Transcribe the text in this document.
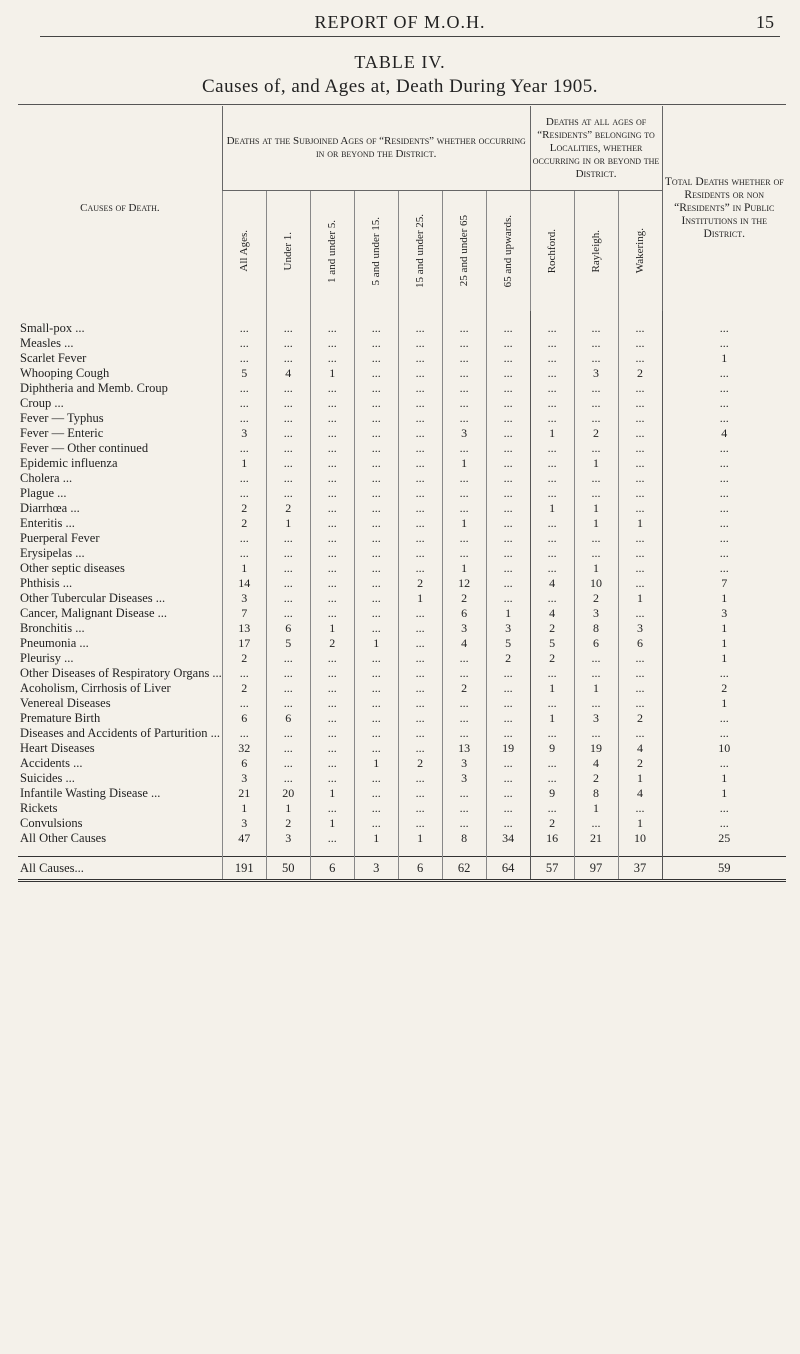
REPORT OF M.O.H.	15
TABLE IV.
Causes of, and Ages at, Death During Year 1905.
Causes of Death.	Deaths at the Subjoined Ages of “Residents” whether occurring in or beyond the District.							Deaths at all ages of “Residents” belonging to Localities, whether occurring in or beyond the District.			Total Deaths whether of Residents or non “Residents” in Public Institutions in the District.

	All Ages.	Under 1.	1 and under 5.	5 and under 15.	15 and under 25.	25 and under 65	65 and upwards.	Rochford.	Rayleigh.	Wakering.	

Small-pox ...	...	...	...	...	...	...	...	...	...	...	...
Measles ...	...	...	...	...	...	...	...	...	...	...	...
Scarlet Fever	...	...	...	...	...	...	...	...	...	...	1
Whooping Cough	5	4	1	...	...	...	...	...	3	2	...
Diphtheria and Memb. Croup	...	...	...	...	...	...	...	...	...	...	...
Croup ...	...	...	...	...	...	...	...	...	...	...	...
Fever — Typhus	...	...	...	...	...	...	...	...	...	...	...
Fever — Enteric	3	...	...	...	...	3	...	1	2	...	4
Fever — Other continued	...	...	...	...	...	...	...	...	...	...	...
Epidemic influenza	1	...	...	...	...	1	...	...	1	...	...
Cholera ...	...	...	...	...	...	...	...	...	...	...	...
Plague ...	...	...	...	...	...	...	...	...	...	...	...
Diarrhœa ...	2	2	...	...	...	...	...	1	1	...	...
Enteritis ...	2	1	...	...	...	1	...	...	1	1	...
Puerperal Fever	...	...	...	...	...	...	...	...	...	...	...
Erysipelas ...	...	...	...	...	...	...	...	...	...	...	...
Other septic diseases	1	...	...	...	...	1	...	...	1	...	...
Phthisis ...	14	...	...	...	2	12	...	4	10	...	7
Other Tubercular Diseases ...	3	...	...	...	1	2	...	...	2	1	1
Cancer, Malignant Disease ...	7	...	...	...	...	6	1	4	3	...	3
Bronchitis ...	13	6	1	...	...	3	3	2	8	3	1
Pneumonia ...	17	5	2	1	...	4	5	5	6	6	1
Pleurisy ...	2	...	...	...	...	...	2	2	...	...	1
Other Diseases of Respiratory Organs ...	...	...	...	...	...	...	...	...	...	...	...
Acoholism, Cirrhosis of Liver	2	...	...	...	...	2	...	1	1	...	2
Venereal Diseases	...	...	...	...	...	...	...	...	...	...	1
Premature Birth	6	6	...	...	...	...	...	1	3	2	...
Diseases and Accidents of Parturition ...	...	...	...	...	...	...	...	...	...	...	...
Heart Diseases	32	...	...	...	...	13	19	9	19	4	10
Accidents ...	6	...	...	1	2	3	...	...	4	2	...
Suicides ...	3	...	...	...	...	3	...	...	2	1	1
Infantile Wasting Disease ...	21	20	1	...	...	...	...	9	8	4	1
Rickets	1	1	...	...	...	...	...	...	1	...	...
Convulsions	3	2	1	...	...	...	...	2	...	1	...
All Other Causes	47	3	...	1	1	8	34	16	21	10	25

All Causes...	191	50	6	3	6	62	64	57	97	37	59
